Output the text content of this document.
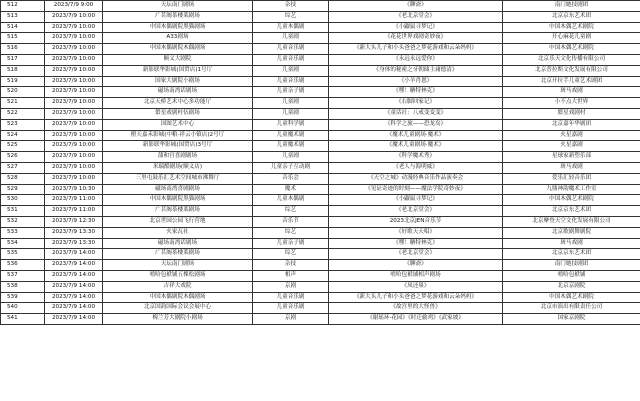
512	2023/7/9 9:00	天坛南门剧场	杂技	《聊斋》	南门她技剧团
513	2023/7/9 10:00	广茗阁茶楼莱剧场	综艺	《老北京堂会》	北京京东艺术团
514	2023/7/9 10:00	中国木偶剧院黑猫剧场	儿童木偶剧	《小鼹鼠寻梦记》	中国木偶艺术剧院
515	2023/7/9 10:00	A33剧场	儿童剧	《花花世界戏剧奇妙夜》	开心麻花儿童剧
516	2023/7/9 10:00	中国木偶剧院木偶剧场	儿童音乐剧	《新大头儿子和小头爸爸之梦花游戏和云朵妈妈》	中国木偶艺术剧院
517	2023/7/9 10:00	顺义大剧院	儿童音乐剧	《永远永远爱你》	北京乐天文化传播有限公司
518	2023/7/9 10:00	新影联华影城(国贸店)1号厅	儿童剧	《身体的秘密之牙朝储主庸德清》	北京普拉斯文化发展有限公司
519	2023/7/9 10:00	国家大剧院小剧场	儿童音乐剧	《小羊肖恩》	北京开拉手儿童艺术剧团
520	2023/7/9 10:00	磁场南湾话剧场	儿童亲子剧	《嘿！糖特林克》	斑马戏剧
521	2023/7/9 10:00	北京天桥艺术中心多功能厅	儿童剧	《右脚回家记》	小不点大世界
522	2023/7/9 10:00	繁星戏剧村伍剧场	儿童剧	《童话社：八戒变变变》	繁星戏剧村
523	2023/7/9 10:00	国图艺术中心	儿童科学剧	《科学之旅——恐龙岛》	北京嘉年华剧团
524	2023/7/9 10:00	橙天嘉禾影城(中粮·祥云小镇店)2号厅	儿童魔术剧	《魔术儿童剧场·魔术》	火星嘉剧
525	2023/7/9 10:00	新影联华影城(国贸店)3号厅	儿童魔术剧	《魔术儿童剧场·魔术》	火星嘉剧
526	2023/7/9 10:00	蒲和宫喜剧剧场	儿童剧	《科学魔术秀》	星球家新塑乐部
527	2023/7/9 10:00	米瑞酷剧场(顺义店)	儿童亲子互动剧	《老人与海明威》	斑马戏剧
528	2023/7/9 10:00	三里屯鼓乐汇艺术空间城市沸舞厅	音乐会	《天空之城》动漫经典音乐作品演奏会	爱乐汇轻音乐团
529	2023/7/9 10:30	磁场南湾喜剧剧场	魔术	《见证奇迹的时刻——魔法学院奇妙夜》	九鼎神韵魔术工作室
530	2023/7/9 11:00	中国木偶剧院黑猫剧场	儿童木偶剧	《小鼹鼠寻梦记》	中国木偶艺术剧院
531	2023/7/9 11:00	广茗阁茶楼莱剧场	综艺	《老北京堂会》	北京京东艺术团
532	2023/7/9 12:30	北京世园公园飞行营地	音乐节	2023北京JEN音乐节	北京摩登天空文化发展有限公司
533	2023/7/9 13:30	火家瓦社	综艺	《好歌天天唱》	北京歌剧舞剧院
534	2023/7/9 13:30	磁场南湾话剧场	儿童亲子剧	《嘿！糖特林克》	斑马戏剧
535	2023/7/9 14:00	广茗阁茶楼莱剧场	综艺	《老北京堂会》	北京京东艺术团
536	2023/7/9 14:00	天坛南门剧场	杂技	《聊斋》	南门她技剧团
537	2023/7/9 14:00	嘻哈包袱铺五棵松剧场	相声	嘻哈包袱铺相声剧场	嘻哈包袱铺
538	2023/7/9 14:00	吉祥大戏院	京剧	《凤还巢》	北京京剧院
539	2023/7/9 14:00	中国木偶剧院木偶剧场	儿童音乐剧	《新大头儿子和小头爸爸之梦花游戏和云朵妈妈》	中国木偶艺术剧院
540	2023/7/9 14:00	北京国韵国际会议会展中心	儿童音乐剧	《故宫里的大怪兽》	北京市演出有限责任公司
541	2023/7/9 14:00	梅兰芳大剧院小剧场	京剧	《谢瑶环·花园》《时迁偷鸡》《武家坡》	国家京剧院
